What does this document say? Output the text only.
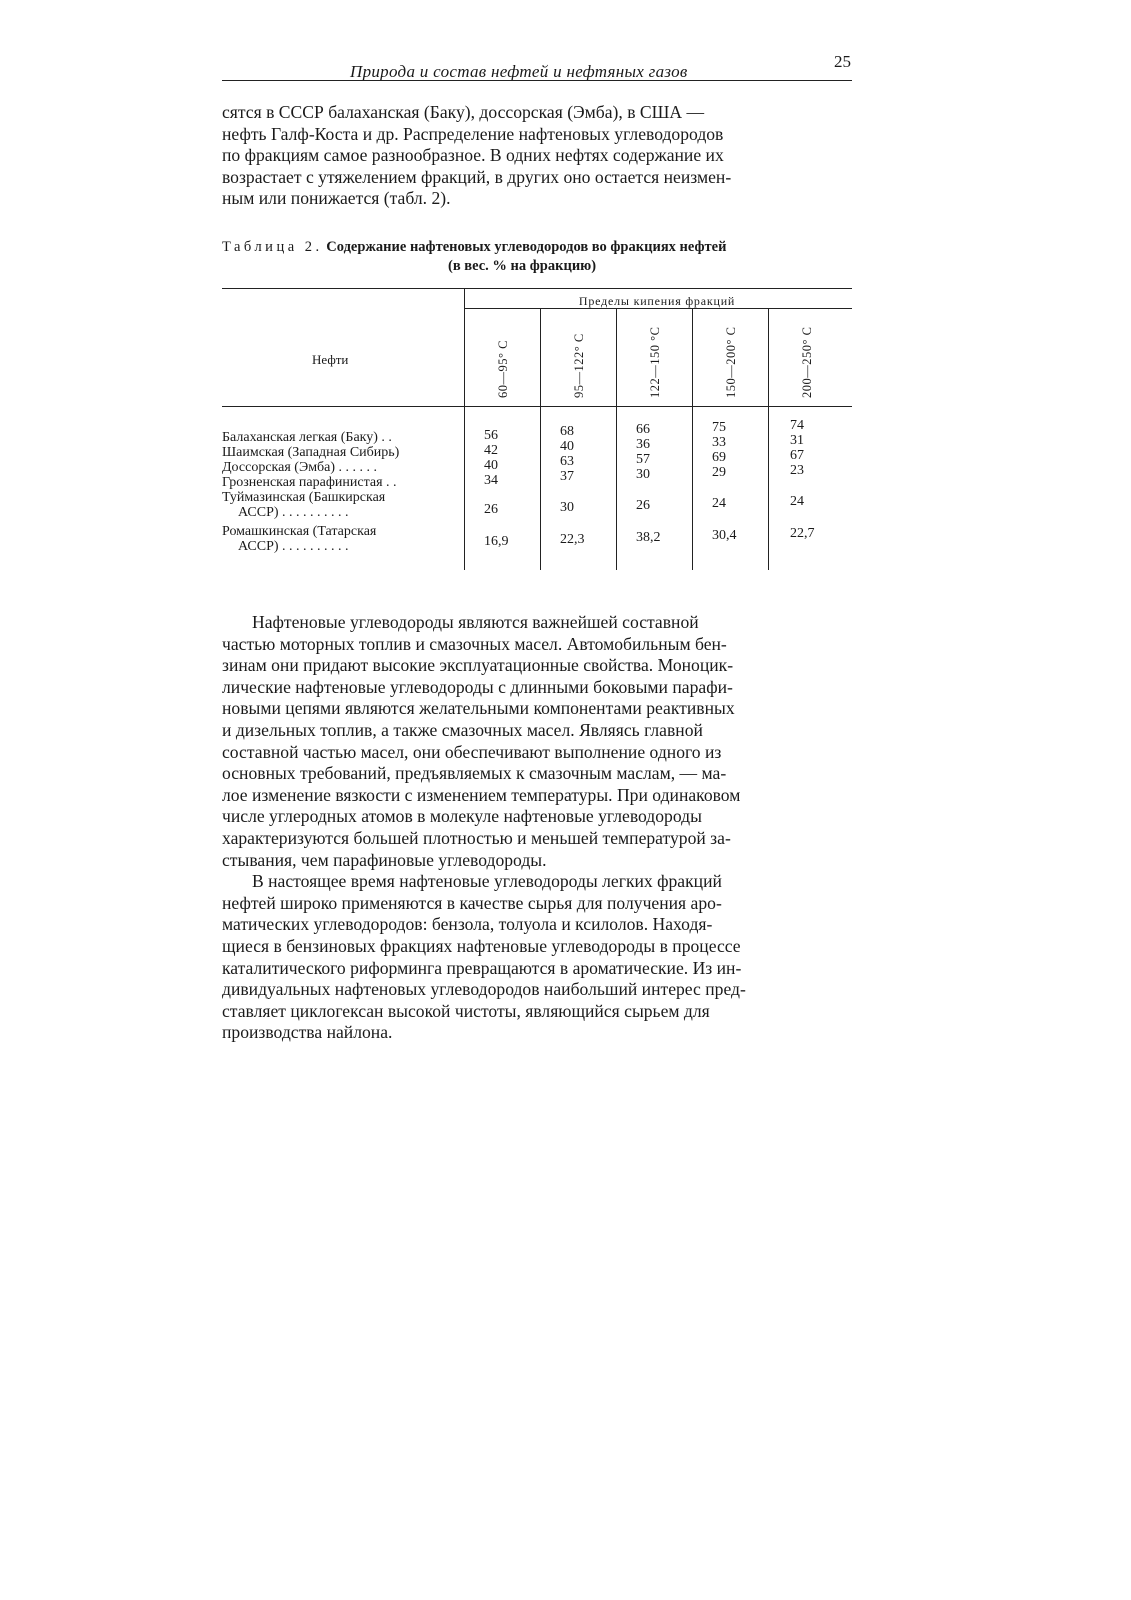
Природа и состав нефтей и нефтяных газов
25
сятся в СССР балаханская (Баку), доссорская (Эмба), в США —
нефть Галф-Коста и др. Распределение нафтеновых углеводородов
по фракциям самое разнообразное. В одних нефтях содержание их
возрастает с утяжелением фракций, в других оно остается неизмен-
ным или понижается (табл. 2).
Таблица 2. Содержание нафтеновых углеводородов во фракциях нефтей
(в вес. % на фракцию)
Пределы кипения фракций
Нефти	60—95° С	95—122° С	122—150 °С	150—200° С	200—250° С
Балаханская легкая (Баку) . .	56	68	66	75	74
Шаимская (Западная Сибирь)	42	40	36	33	31
Доссорская (Эмба) . . . . . .	40	63	57	69	67
Грозненская парафинистая . .	34	37	30	29	23
Туймазинская (Башкирская
АССР) . . . . . . . . . .	26	30	26	24	24
Ромашкинская (Татарская
АССР) . . . . . . . . . .	16,9	22,3	38,2	30,4	22,7
Нафтеновые углеводороды являются важнейшей составной
частью моторных топлив и смазочных масел. Автомобильным бен-
зинам они придают высокие эксплуатационные свойства. Моноцик-
лические нафтеновые углеводороды с длинными боковыми парафи-
новыми цепями являются желательными компонентами реактивных
и дизельных топлив, а также смазочных масел. Являясь главной
составной частью масел, они обеспечивают выполнение одного из
основных требований, предъявляемых к смазочным маслам, — ма-
лое изменение вязкости с изменением температуры. При одинаковом
числе углеродных атомов в молекуле нафтеновые углеводороды
характеризуются большей плотностью и меньшей температурой за-
стывания, чем парафиновые углеводороды.
В настоящее время нафтеновые углеводороды легких фракций
нефтей широко применяются в качестве сырья для получения аро-
матических углеводородов: бензола, толуола и ксилолов. Находя-
щиеся в бензиновых фракциях нафтеновые углеводороды в процессе
каталитического риформинга превращаются в ароматические. Из ин-
дивидуальных нафтеновых углеводородов наибольший интерес пред-
ставляет циклогексан высокой чистоты, являющийся сырьем для
производства найлона.
